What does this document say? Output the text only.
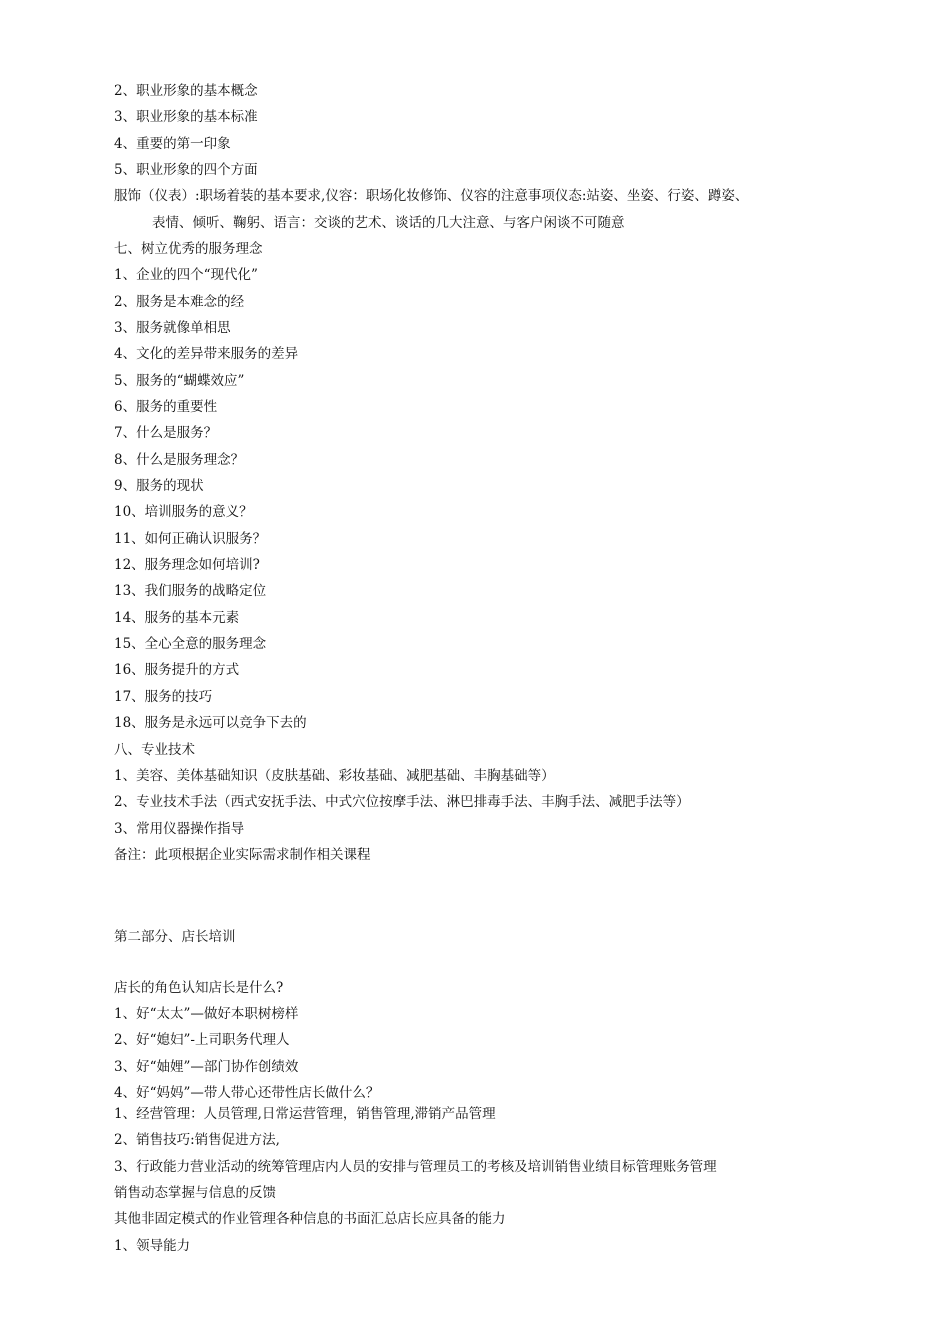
2、职业形象的基本概念
3、职业形象的基本标准
4、重要的第一印象
5、职业形象的四个方面
服饰（仪表）:职场着装的基本要求,仪容：职场化妆修饰、仪容的注意事项仪态:站姿、坐姿、行姿、蹲姿、
表情、倾听、鞠躬、语言：交谈的艺术、谈话的几大注意、与客户闲谈不可随意
七、树立优秀的服务理念
1、企业的四个“现代化”
2、服务是本难念的经
3、服务就像单相思
4、文化的差异带来服务的差异
5、服务的“蝴蝶效应”
6、服务的重要性
7、什么是服务？
8、什么是服务理念？
9、服务的现状
10、培训服务的意义？
11、如何正确认识服务？
12、服务理念如何培训?
13、我们服务的战略定位
14、服务的基本元素
15、全心全意的服务理念
16、服务提升的方式
17、服务的技巧
18、服务是永远可以竞争下去的
八、专业技术
1、美容、美体基础知识（皮肤基础、彩妆基础、减肥基础、丰胸基础等）
2、专业技术手法（西式安抚手法、中式穴位按摩手法、淋巴排毒手法、丰胸手法、减肥手法等）
3、常用仪器操作指导
备注：此项根据企业实际需求制作相关课程
第二部分、店长培训
店长的角色认知店长是什么?
1、好“太太”—做好本职树榜样
2、好“媳妇”-上司职务代理人
3、好“妯娌”—部门协作创绩效
4、好“妈妈”—带人带心还带性店长做什么？
1、经营管理：人员管理,日常运营管理，销售管理,滞销产品管理
2、销售技巧:销售促进方法,
3、行政能力营业活动的统筹管理店内人员的安排与管理员工的考核及培训销售业绩目标管理账务管理
销售动态掌握与信息的反馈
其他非固定模式的作业管理各种信息的书面汇总店长应具备的能力
1、领导能力
